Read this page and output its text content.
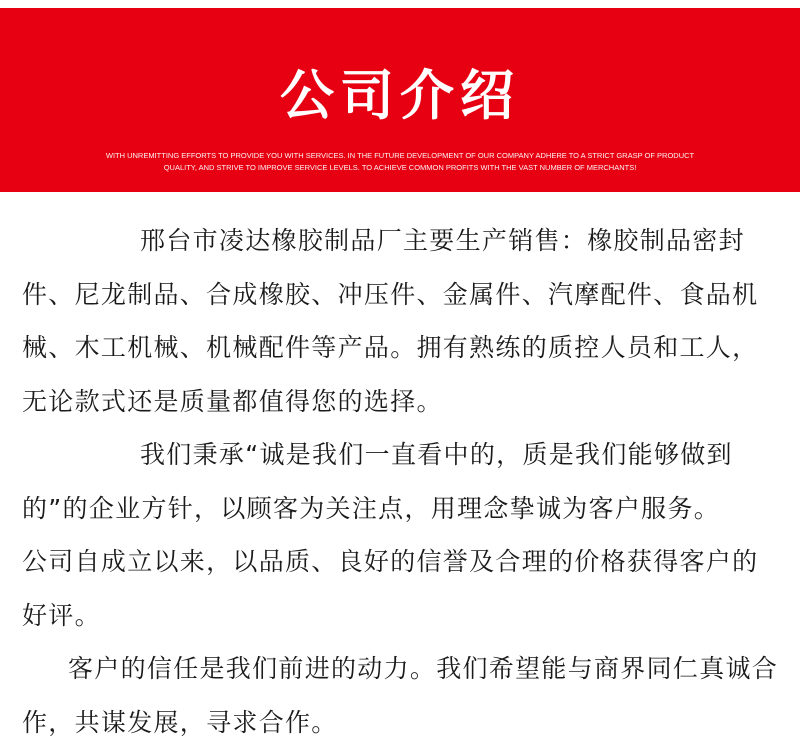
公司介绍
WITH UNREMITTING EFFORTS TO PROVIDE YOU WITH SERVICES. IN THE FUTURE DEVELOPMENT OF OUR COMPANY ADHERE TO A STRICT GRASP OF PRODUCT
QUALITY, AND STRIVE TO IMPROVE SERVICE LEVELS. TO ACHIEVE COMMON PROFITS WITH THE VAST NUMBER OF MERCHANTS!

邢台市凌达橡胶制品厂主要生产销售：橡胶制品密封件、尼龙制品、合成橡胶、冲压件、金属件、汽摩配件、食品机械、木工机械、机械配件等产品。拥有熟练的质控人员和工人，无论款式还是质量都值得您的选择。

我们秉承“诚是我们一直看中的，质是我们能够做到的”的企业方针，以顾客为关注点，用理念挚诚为客户服务。

公司自成立以来，以品质、良好的信誉及合理的价格获得客户的好评。

客户的信任是我们前进的动力。我们希望能与商界同仁真诚合作，共谋发展，寻求合作。
